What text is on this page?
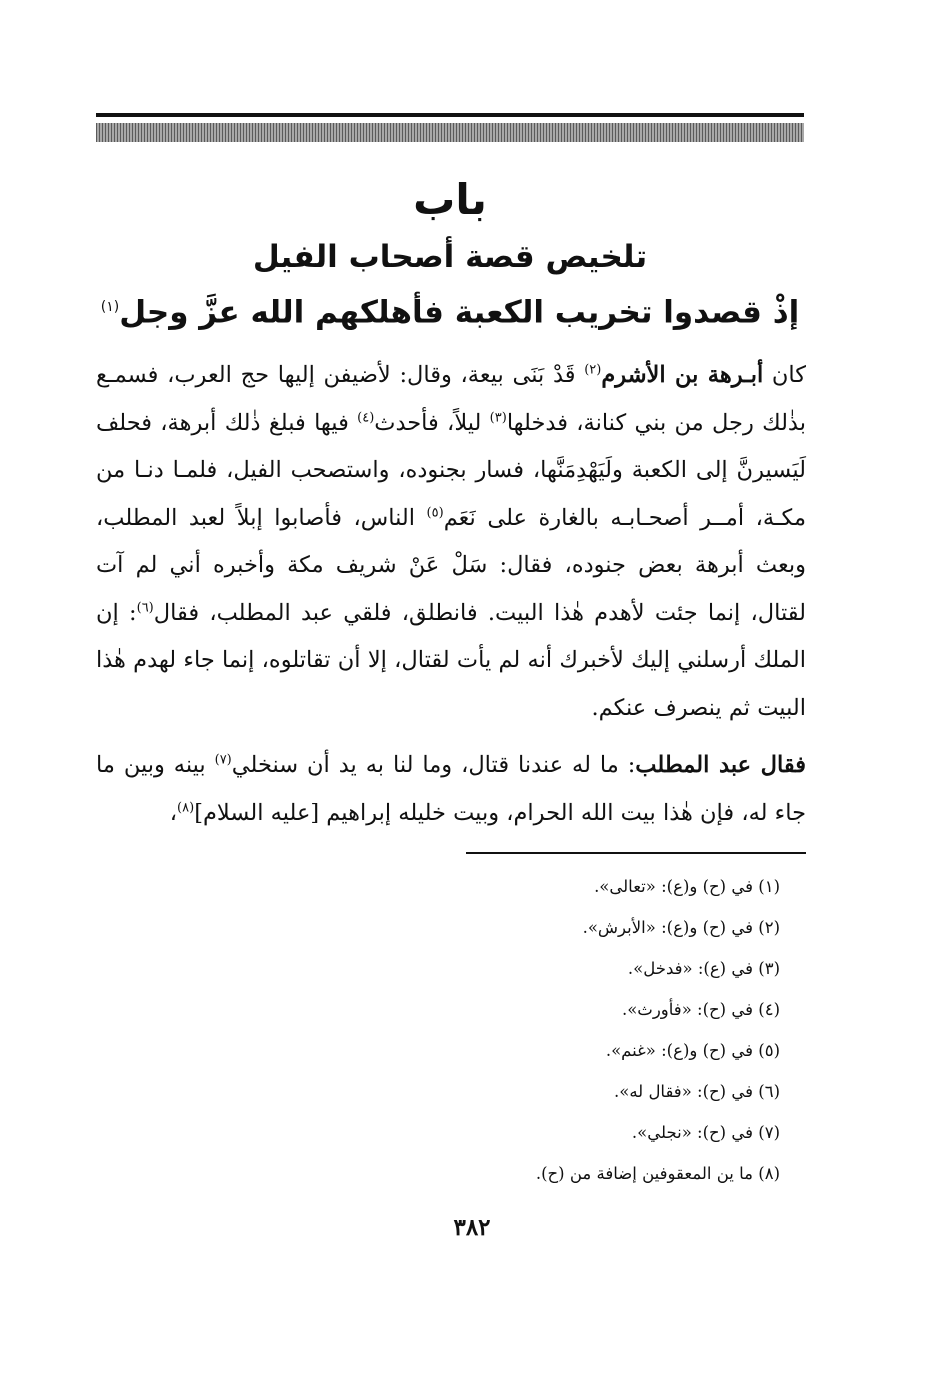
باب
تلخيص قصة أصحاب الفيل
إذْ قصدوا تخريب الكعبة فأهلكهم الله عزَّ وجل$^{(١)}$

كان أبـرهة بن الأشرم$^{(٢)}$ قَدْ بَنَى بيعة، وقال: لأضيفن إليها حج العرب، فسمـع بذٰلك رجل من بني كنانة، فدخلها$^{(٣)}$ ليلاً، فأحدث$^{(٤)}$ فيها فبلغ ذٰلك أبرهة، فحلف لَيَسيرنَّ إلى الكعبة ولَيَهْدِمَنَّها، فسار بجنوده، واستصحب الفيل، فلمـا دنـا من مكـة، أمــر أصحـابـه بالغارة على نَعَم$^{(٥)}$ الناس، فأصابوا إبلاً لعبد المطلب، وبعث أبرهة بعض جنوده، فقال: سَلْ عَنْ شريف مكة وأخبره أني لم آت لقتال، إنما جئت لأهدم هٰذا البيت. فانطلق، فلقي عبد المطلب، فقال$^{(٦)}$: إن الملك أرسلني إليك لأخبرك أنه لم يأت لقتال، إلا أن تقاتلوه، إنما جاء لهدم هٰذا البيت ثم ينصرف عنكم.

فقال عبد المطلب: ما له عندنا قتال، وما لنا به يد أن سنخلي$^{(٧)}$ بينه وبين ما جاء له، فإن هٰذا بيت الله الحرام، وبيت خليله إبراهيم [عليه السلام]$^{(٨)}$،

(١) في (ح) و(ع): «تعالى».
(٢) في (ح) و(ع): «الأبرش».
(٣) في (ع): «فدخل».
(٤) في (ح): «فأورث».
(٥) في (ح) و(ع): «غنم».
(٦) في (ح): «فقال له».
(٧) في (ح): «نجلي».
(٨) ما ين المعقوفين إضافة من (ح).
٣٨٢
